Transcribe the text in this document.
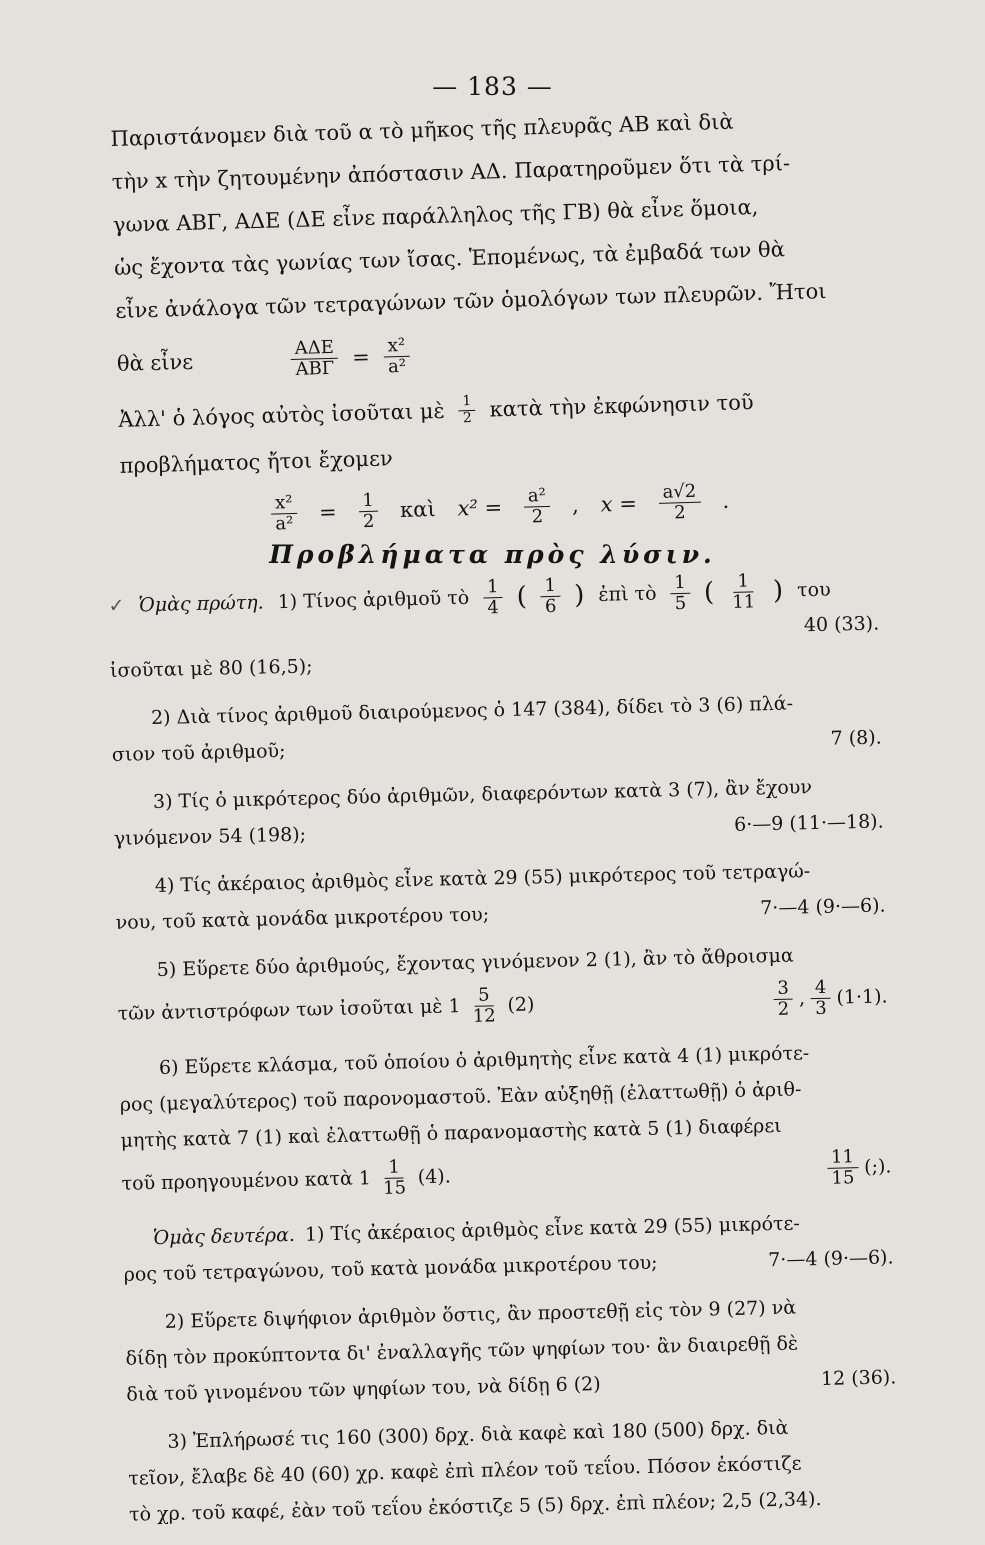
— 183 —
Παριστάνομεν διὰ τοῦ α τὸ μῆκος τῆς πλευρᾶς ΑΒ καὶ διὰ
τὴν x τὴν ζητουμένην ἀπόστασιν ΑΔ. Παρατηροῦμεν ὅτι τὰ τρί-
γωνα ΑΒΓ, ΑΔΕ (ΔΕ εἶνε παράλληλος τῆς ΓΒ) θὰ εἶνε ὅμοια,
ὡς ἔχοντα τὰς γωνίας των ἴσας. Ἑπομένως, τὰ ἐμβαδά των θὰ
εἶνε ἀνάλογα τῶν τετραγώνων τῶν ὁμολόγων των πλευρῶν. Ἤτοι
θὰ εἶνε	$\frac{\text{ΑΔΕ}}{\text{ΑΒΓ}} = \frac{\text{x²}}{\text{a²}}$
Ἀλλ' ὁ λόγος αὐτὸς ἰσοῦται μὲ $\frac{1}{2}$ κατὰ τὴν ἐκφώνησιν τοῦ
προβλήματος ἤτοι ἔχομεν
$\frac{\text{x²}}{\text{a²}} = \frac{1}{2}$ καὶ $x^2 = \frac{\text{a²}}{2}$ , $x = \frac{a√2}{2}$ .
Προβλήματα πρὸς λύσιν.
✓ Ὁμὰς πρώτη. 1) Τίνος ἀριθμοῦ τὸ $\frac{1}{4}$ ( $\frac{1}{6}$ ) ἐπὶ τὸ $\frac{1}{5}$ ( $\frac{1}{11}$ ) του
40 (33).
ἰσοῦται μὲ 80 (16,5);
2) Διὰ τίνος ἀριθμοῦ διαιρούμενος ὁ 147 (384), δίδει τὸ 3 (6) πλά-
σιον τοῦ ἀριθμοῦ;
7 (8).
3) Τίς ὁ μικρότερος δύο ἀριθμῶν, διαφερόντων κατὰ 3 (7), ἂν ἔχουν
γινόμενον 54 (198);
6·—9 (11·—18).
4) Τίς ἀκέραιος ἀριθμὸς εἶνε κατὰ 29 (55) μικρότερος τοῦ τετραγώ-
νου, τοῦ κατὰ μονάδα μικροτέρου του;	7·—4 (9·—6).
5) Εὕρετε δύο ἀριθμούς, ἔχοντας γινόμενον 2 (1), ἂν τὸ ἄθροισμα
τῶν ἀντιστρόφων των ἰσοῦται μὲ $1 \frac{5}{12} (2)$	$\frac{3}{2}$ , $\frac{4}{3} (1\cdot 1)$.
6) Εὕρετε κλάσμα, τοῦ ὁποίου ὁ ἀριθμητὴς εἶνε κατὰ 4 (1) μικρότε-
ρος (μεγαλύτερος) τοῦ παρονομαστοῦ. Ἐὰν αὐξηθῇ (ἐλαττωθῇ) ὁ ἀριθ-
μητὴς κατὰ 7 (1) καὶ ἐλαττωθῇ ὁ παρανομαστὴς κατὰ 5 (1) διαφέρει
τοῦ προηγουμένου κατὰ $1 \frac{1}{15} (4)$.	$\frac{11}{15}$ (;).
Ὁμὰς δευτέρα. 1) Τίς ἀκέραιος ἀριθμὸς εἶνε κατὰ 29 (55) μικρότε-
ρος τοῦ τετραγώνου, τοῦ κατὰ μονάδα μικροτέρου του;	7·—4 (9·—6).
2) Εὕρετε διψήφιον ἀριθμὸν ὅστις, ἂν προστεθῇ εἰς τὸν 9 (27) νὰ
δίδῃ τὸν προκύπτοντα δι' ἐναλλαγῆς τῶν ψηφίων του· ἂν διαιρεθῇ δὲ
διὰ τοῦ γινομένου τῶν ψηφίων του, νὰ δίδῃ 6 (2)	12 (36).
3) Ἐπλήρωσέ τις 160 (300) δρχ. διὰ καφὲ καὶ 180 (500) δρχ. διὰ
τεῖον, ἔλαβε δὲ 40 (60) χρ. καφὲ ἐπὶ πλέον τοῦ τεΐου. Πόσον ἐκόστιζε
τὸ χρ. τοῦ καφέ, ἐὰν τοῦ τεΐου ἐκόστιζε 5 (5) δρχ. ἐπὶ πλέον; 2,5 (2,34).
